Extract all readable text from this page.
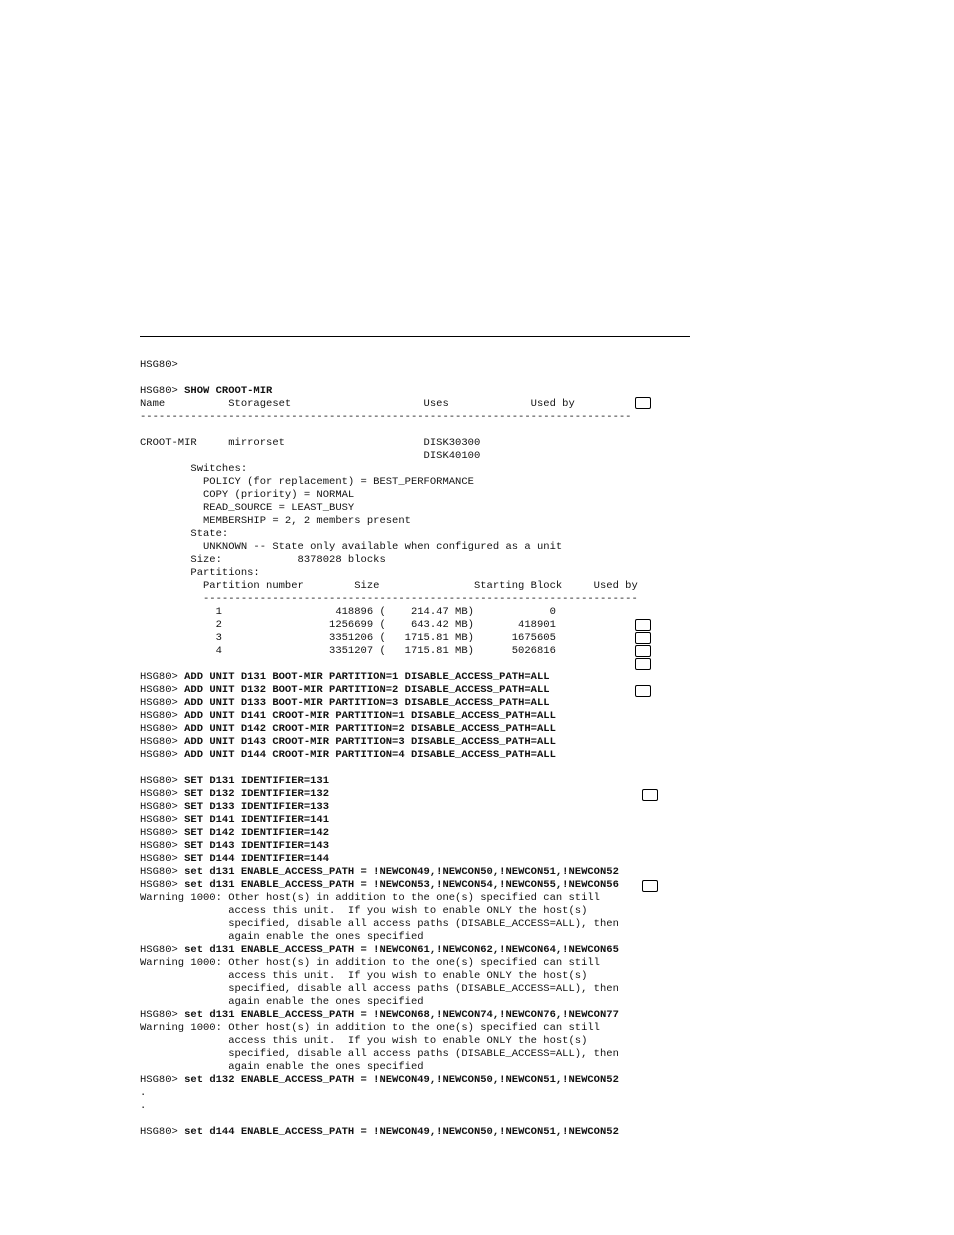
HSG80>
HSG80> SHOW CROOT-MIR
Name          Storageset                     Uses             Used by
------------------------------------------------------------------------------
CROOT-MIR     mirrorset                      DISK30300
DISK40100
Switches:
POLICY (for replacement) = BEST_PERFORMANCE
COPY (priority) = NORMAL
READ_SOURCE = LEAST_BUSY
MEMBERSHIP = 2, 2 members present
State:
UNKNOWN -- State only available when configured as a unit
Size:            8378028 blocks
Partitions:
Partition number        Size               Starting Block     Used by
---------------------------------------------------------------------
1                  418896 (    214.47 MB)            0
2                 1256699 (    643.42 MB)       418901
3                 3351206 (   1715.81 MB)      1675605
4                 3351207 (   1715.81 MB)      5026816
HSG80> ADD UNIT D131 BOOT-MIR PARTITION=1 DISABLE_ACCESS_PATH=ALL
HSG80> ADD UNIT D132 BOOT-MIR PARTITION=2 DISABLE_ACCESS_PATH=ALL
HSG80> ADD UNIT D133 BOOT-MIR PARTITION=3 DISABLE_ACCESS_PATH=ALL
HSG80> ADD UNIT D141 CROOT-MIR PARTITION=1 DISABLE_ACCESS_PATH=ALL
HSG80> ADD UNIT D142 CROOT-MIR PARTITION=2 DISABLE_ACCESS_PATH=ALL
HSG80> ADD UNIT D143 CROOT-MIR PARTITION=3 DISABLE_ACCESS_PATH=ALL
HSG80> ADD UNIT D144 CROOT-MIR PARTITION=4 DISABLE_ACCESS_PATH=ALL
HSG80> SET D131 IDENTIFIER=131
HSG80> SET D132 IDENTIFIER=132
HSG80> SET D133 IDENTIFIER=133
HSG80> SET D141 IDENTIFIER=141
HSG80> SET D142 IDENTIFIER=142
HSG80> SET D143 IDENTIFIER=143
HSG80> SET D144 IDENTIFIER=144
HSG80> set d131 ENABLE_ACCESS_PATH = !NEWCON49,!NEWCON50,!NEWCON51,!NEWCON52
HSG80> set d131 ENABLE_ACCESS_PATH = !NEWCON53,!NEWCON54,!NEWCON55,!NEWCON56
Warning 1000: Other host(s) in addition to the one(s) specified can still
access this unit.  If you wish to enable ONLY the host(s)
specified, disable all access paths (DISABLE_ACCESS=ALL), then
again enable the ones specified
HSG80> set d131 ENABLE_ACCESS_PATH = !NEWCON61,!NEWCON62,!NEWCON64,!NEWCON65
Warning 1000: Other host(s) in addition to the one(s) specified can still
access this unit.  If you wish to enable ONLY the host(s)
specified, disable all access paths (DISABLE_ACCESS=ALL), then
again enable the ones specified
HSG80> set d131 ENABLE_ACCESS_PATH = !NEWCON68,!NEWCON74,!NEWCON76,!NEWCON77
Warning 1000: Other host(s) in addition to the one(s) specified can still
access this unit.  If you wish to enable ONLY the host(s)
specified, disable all access paths (DISABLE_ACCESS=ALL), then
again enable the ones specified
HSG80> set d132 ENABLE_ACCESS_PATH = !NEWCON49,!NEWCON50,!NEWCON51,!NEWCON52
.
.
HSG80> set d144 ENABLE_ACCESS_PATH = !NEWCON49,!NEWCON50,!NEWCON51,!NEWCON52
